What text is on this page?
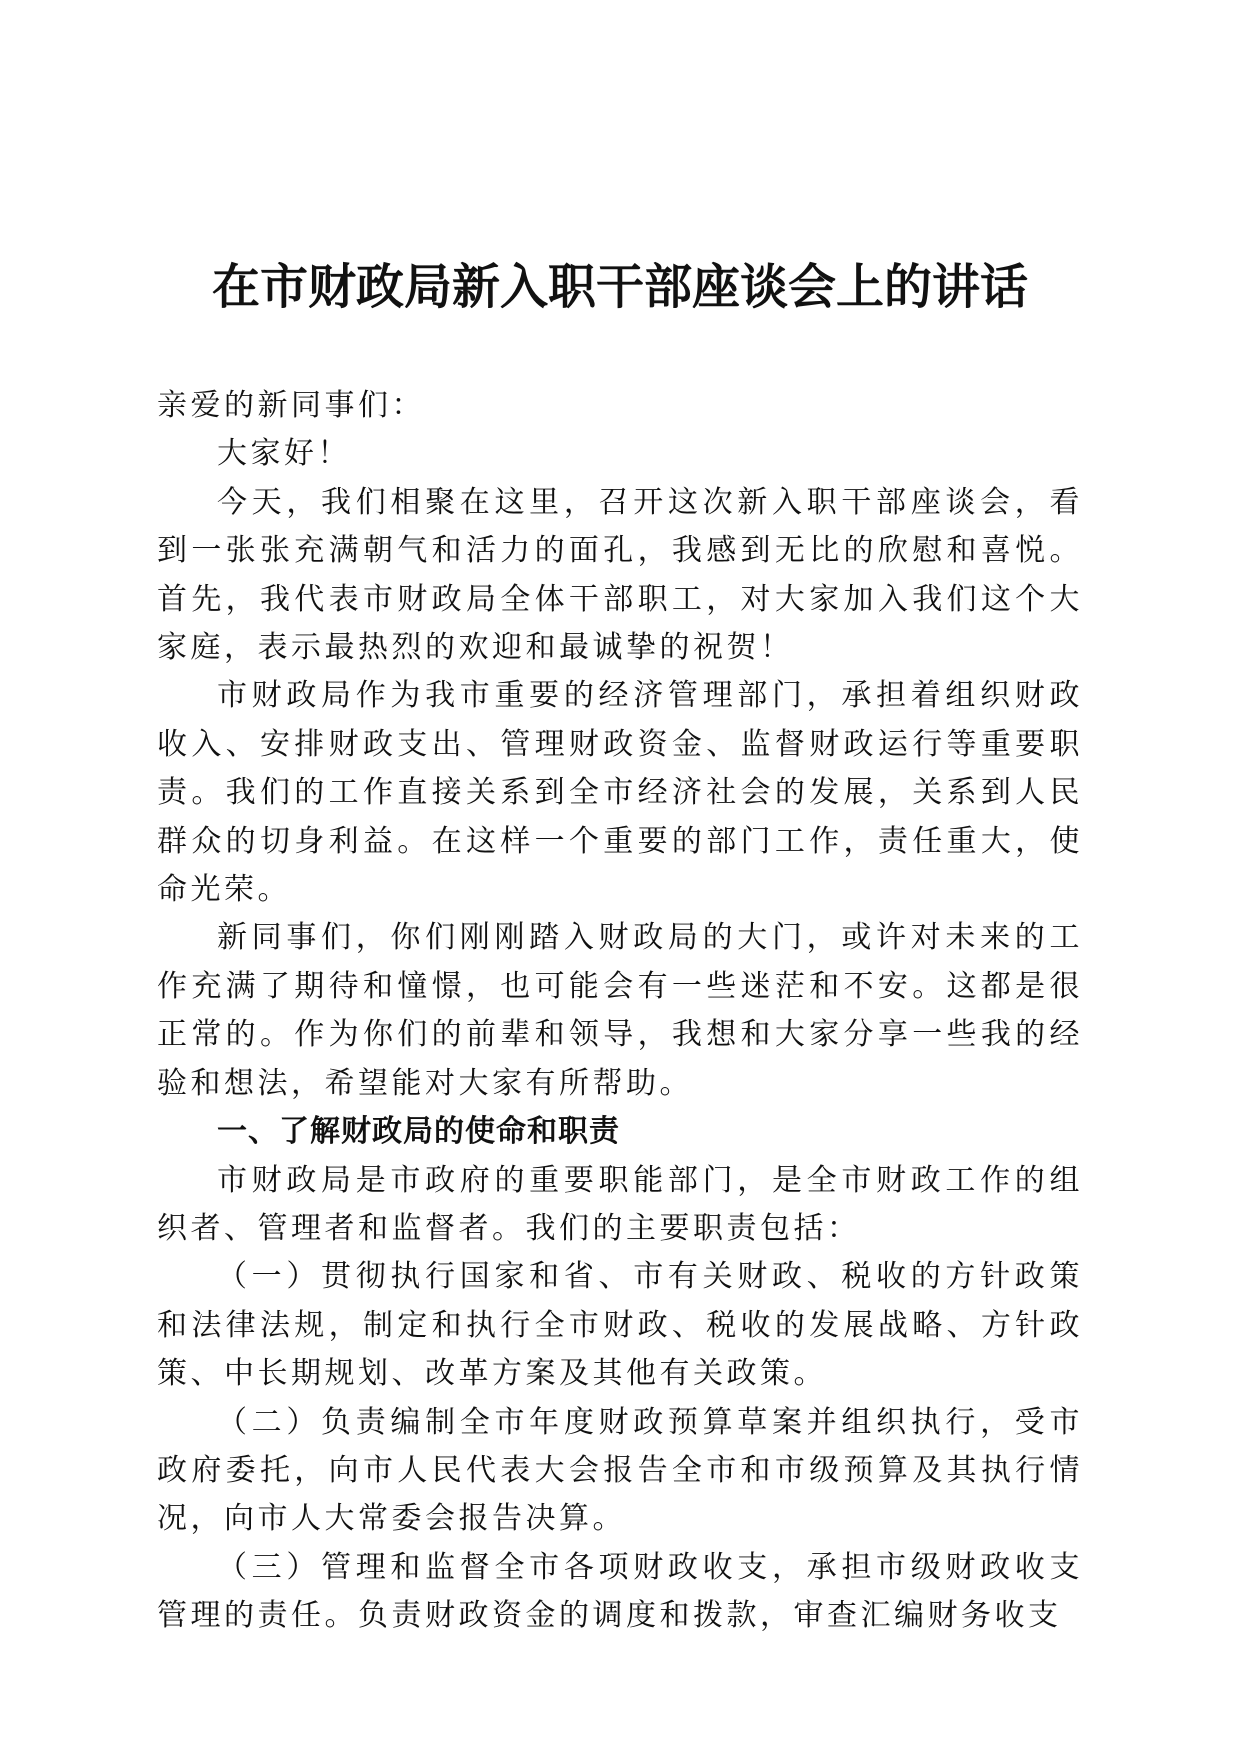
在市财政局新入职干部座谈会上的讲话

亲爱的新同事们：

大家好！

今天，我们相聚在这里，召开这次新入职干部座谈会，看到一张张充满朝气和活力的面孔，我感到无比的欣慰和喜悦。首先，我代表市财政局全体干部职工，对大家加入我们这个大家庭，表示最热烈的欢迎和最诚挚的祝贺！

市财政局作为我市重要的经济管理部门，承担着组织财政收入、安排财政支出、管理财政资金、监督财政运行等重要职责。我们的工作直接关系到全市经济社会的发展，关系到人民群众的切身利益。在这样一个重要的部门工作，责任重大，使命光荣。

新同事们，你们刚刚踏入财政局的大门，或许对未来的工作充满了期待和憧憬，也可能会有一些迷茫和不安。这都是很正常的。作为你们的前辈和领导，我想和大家分享一些我的经验和想法，希望能对大家有所帮助。

一、了解财政局的使命和职责

市财政局是市政府的重要职能部门，是全市财政工作的组织者、管理者和监督者。我们的主要职责包括：

（一）贯彻执行国家和省、市有关财政、税收的方针政策和法律法规，制定和执行全市财政、税收的发展战略、方针政策、中长期规划、改革方案及其他有关政策。

（二）负责编制全市年度财政预算草案并组织执行，受市政府委托，向市人民代表大会报告全市和市级预算及其执行情况，向市人大常委会报告决算。

（三）管理和监督全市各项财政收支，承担市级财政收支管理的责任。负责财政资金的调度和拨款，审查汇编财务收支
